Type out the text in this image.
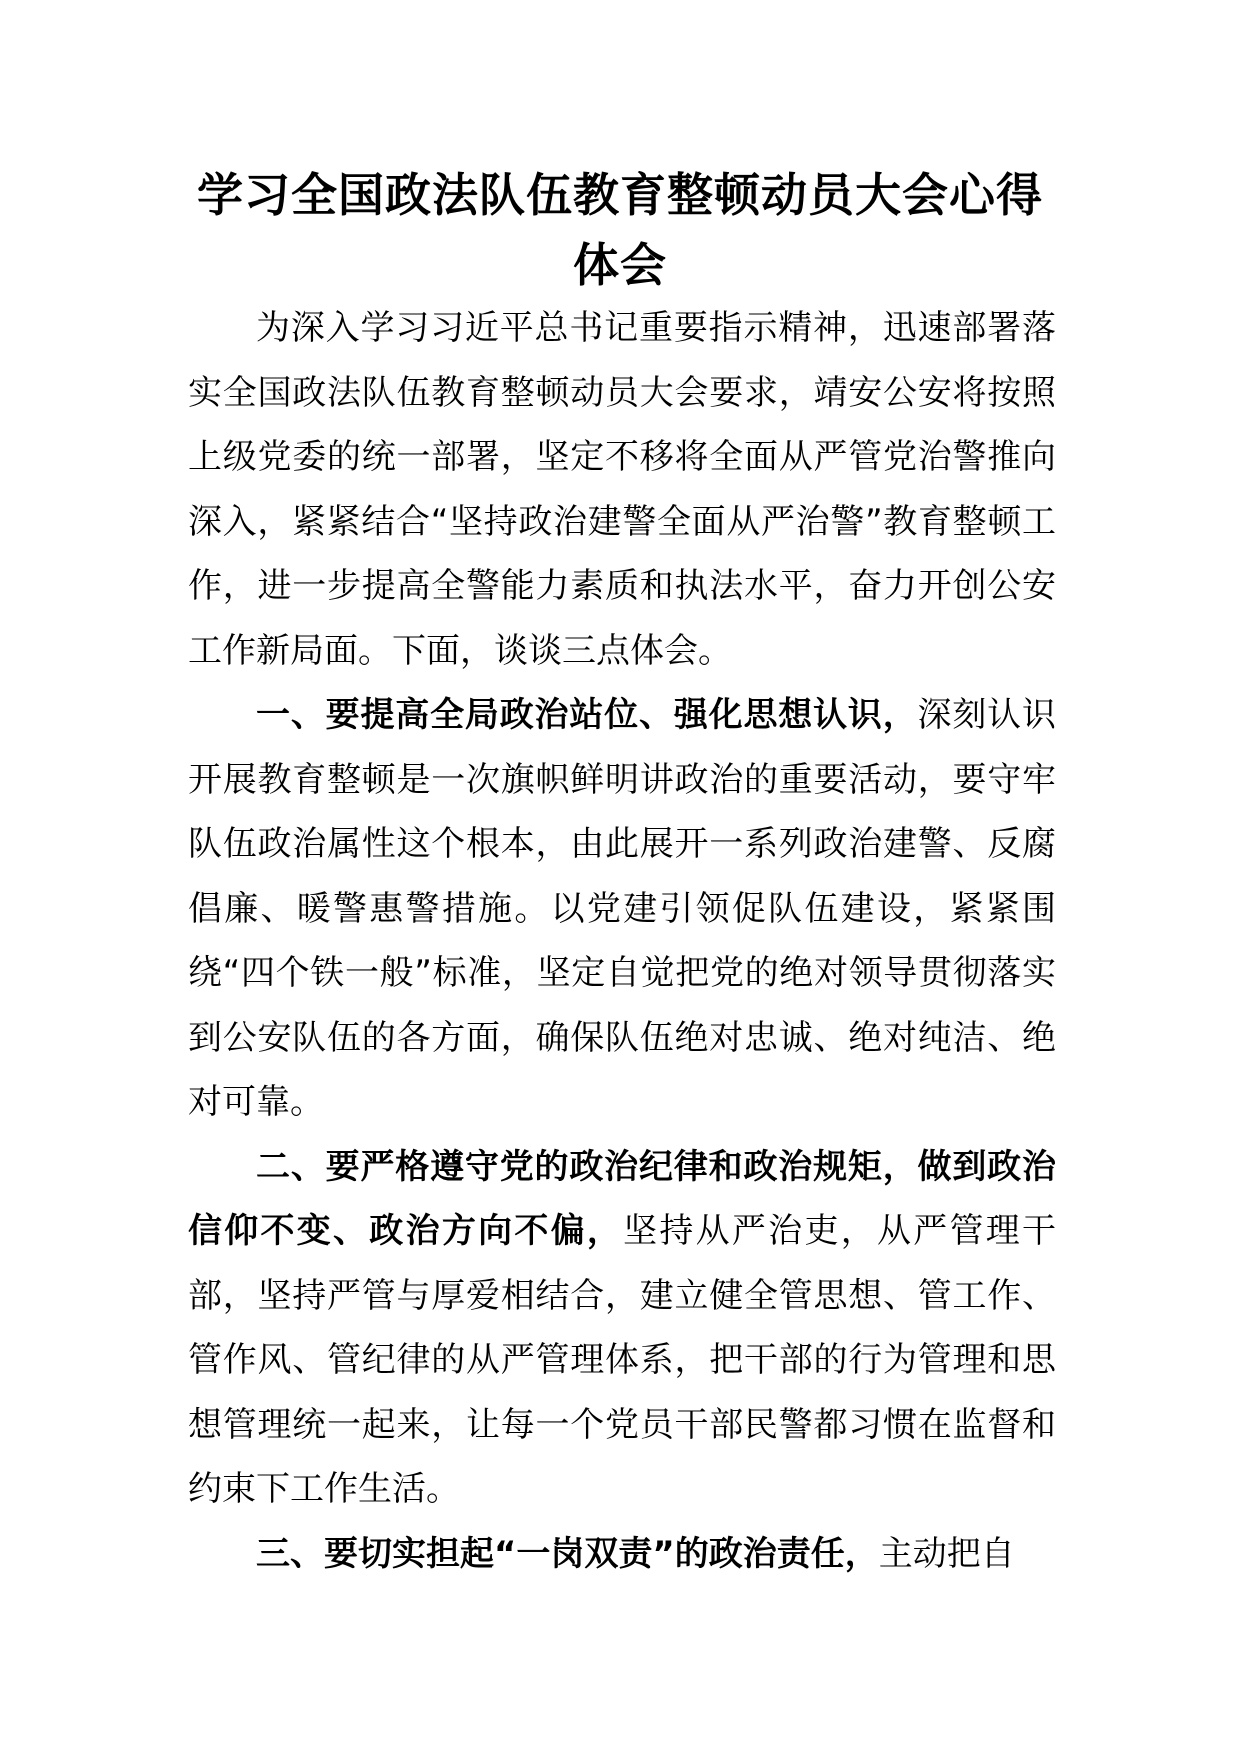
学习全国政法队伍教育整顿动员大会心得体会

为深入学习习近平总书记重要指示精神，迅速部署落实全国政法队伍教育整顿动员大会要求，靖安公安将按照上级党委的统一部署，坚定不移将全面从严管党治警推向深入，紧紧结合“坚持政治建警全面从严治警”教育整顿工作，进一步提高全警能力素质和执法水平，奋力开创公安工作新局面。下面，谈谈三点体会。

一、要提高全局政治站位、强化思想认识，深刻认识开展教育整顿是一次旗帜鲜明讲政治的重要活动，要守牢队伍政治属性这个根本，由此展开一系列政治建警、反腐倡廉、暖警惠警措施。以党建引领促队伍建设，紧紧围绕“四个铁一般”标准，坚定自觉把党的绝对领导贯彻落实到公安队伍的各方面，确保队伍绝对忠诚、绝对纯洁、绝对可靠。

二、要严格遵守党的政治纪律和政治规矩，做到政治信仰不变、政治方向不偏，坚持从严治吏，从严管理干部，坚持严管与厚爱相结合，建立健全管思想、管工作、管作风、管纪律的从严管理体系，把干部的行为管理和思想管理统一起来，让每一个党员干部民警都习惯在监督和约束下工作生活。

三、要切实担起“一岗双责”的政治责任，主动把自
